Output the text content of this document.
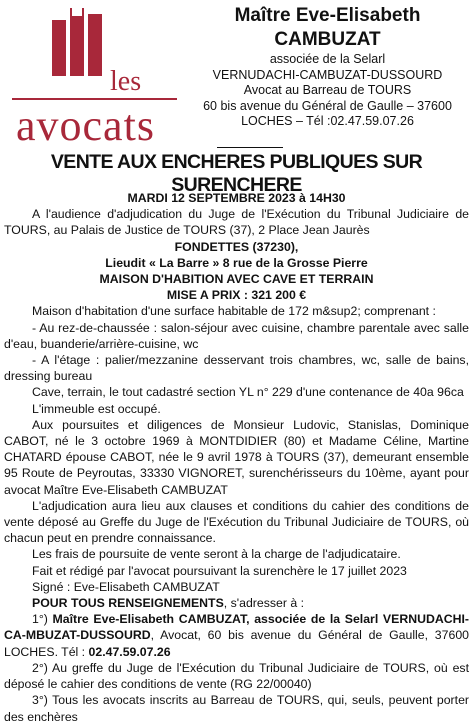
les
avocats
Maître Eve-Elisabeth CAMBUZAT
associée de la Selarl
VERNUDACHI-CAMBUZAT-DUSSOURD
Avocat au Barreau de TOURS
60 bis avenue du Général de Gaulle – 37600
LOCHES – Tél :02.47.59.07.26
VENTE AUX ENCHERES PUBLIQUES SUR SURENCHERE
MARDI 12 SEPTEMBRE 2023 à 14H30
A l'audience d'adjudication du Juge de l'Exécution du Tribunal Judiciaire de TOURS, au Palais de Justice de TOURS (37), 2 Place Jean Jaurès
FONDETTES (37230),
Lieudit « La Barre » 8 rue de la Grosse Pierre
MAISON D'HABITION AVEC CAVE ET TERRAIN
MISE A PRIX : 321 200 €
Maison d'habitation d'une surface habitable de 172 m&sup2; comprenant :
- Au rez-de-chaussée : salon-séjour avec cuisine, chambre parentale avec salle d'eau, buanderie/arrière-cuisine, wc
- A l'étage : palier/mezzanine desservant trois chambres, wc, salle de bains, dressing bureau
Cave, terrain, le tout cadastré section YL n° 229 d'une contenance de 40a 96ca
L'immeuble est occupé.
Aux poursuites et diligences de Monsieur Ludovic, Stanislas, Dominique CABOT, né le 3 octobre 1969 à MONTDIDIER (80) et Madame Céline, Martine CHATARD épouse CABOT, née le 9 avril 1978 à TOURS (37), demeurant ensemble 95 Route de Peyroutas, 33330 VIGNORET, surenchérisseurs du 10ème, ayant pour avocat Maître Eve-Elisabeth CAMBUZAT
L'adjudication aura lieu aux clauses et conditions du cahier des conditions de vente déposé au Greffe du Juge de l'Exécution du Tribunal Judiciaire de TOURS, où chacun peut en prendre connaissance.
Les frais de poursuite de vente seront à la charge de l'adjudicataire.
Fait et rédigé par l'avocat poursuivant la surenchère le 17 juillet 2023
Signé : Eve-Elisabeth CAMBUZAT
POUR TOUS RENSEIGNEMENTS, s'adresser à :
1°) Maître Eve-Elisabeth CAMBUZAT, associée de la Selarl VERNUDACHI-CA-MBUZAT-DUSSOURD, Avocat, 60 bis avenue du Général de Gaulle, 37600 LOCHES. Tél : 02.47.59.07.26
2°) Au greffe du Juge de l'Exécution du Tribunal Judiciaire de TOURS, où est déposé le cahier des conditions de vente (RG 22/00040)
3°) Tous les avocats inscrits au Barreau de TOURS, qui, seuls, peuvent porter des enchères
